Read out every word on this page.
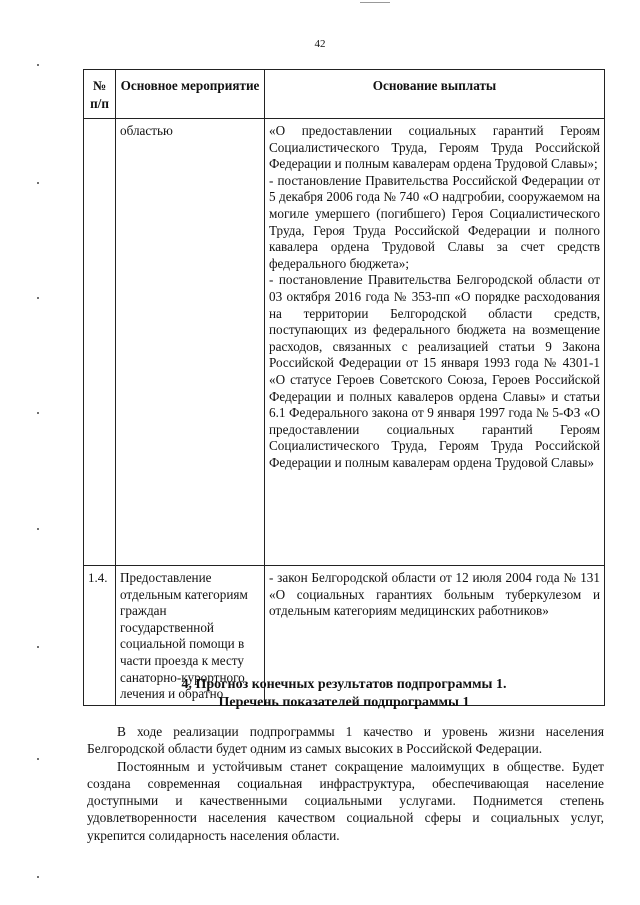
42
№ п/п	Основное мероприятие	Основание выплаты

	областью	«О предоставлении социальных гарантий Героям Социалистического Труда, Героям Труда Российской Федерации и полным кавалерам ордена Трудовой Славы»;

- постановление Правительства Российской Федерации от 5 декабря 2006 года № 740 «О надгробии, сооружаемом на могиле умершего (погибшего) Героя Социалистического Труда, Героя Труда Российской Федерации и полного кавалера ордена Трудовой Славы за счет средств федерального бюджета»;

- постановление Правительства Белгородской области от 03 октября 2016 года № 353-пп «О порядке расходования на территории Белгородской области средств, поступающих из федерального бюджета на возмещение расходов, связанных с реализацией статьи 9 Закона Российской Федерации от 15 января 1993 года № 4301-1 «О статусе Героев Советского Союза, Героев Российской Федерации и полных кавалеров ордена Славы» и статьи 6.1 Федерального закона от 9 января 1997 года № 5-ФЗ «О предоставлении социальных гарантий Героям Социалистического Труда, Героям Труда Российской Федерации и полным кавалерам ордена Трудовой Славы»

1.4.	Предоставление отдельным категориям граждан государственной социальной помощи в части проезда к месту санаторно-курортного лечения и обратно	- закон Белгородской области от 12 июля 2004 года № 131 «О социальных гарантиях больным туберкулезом и отдельным категориям медицинских работников»

4. Прогноз конечных результатов подпрограммы 1.
Перечень показателей подпрограммы 1

В ходе реализации подпрограммы 1 качество и уровень жизни населения Белгородской области будет одним из самых высоких в Российской Федерации.

Постоянным и устойчивым станет сокращение малоимущих в обществе. Будет создана современная социальная инфраструктура, обеспечивающая население доступными и качественными социальными услугами. Поднимется степень удовлетворенности населения качеством социальной сферы и социальных услуг, укрепится солидарность населения области.
